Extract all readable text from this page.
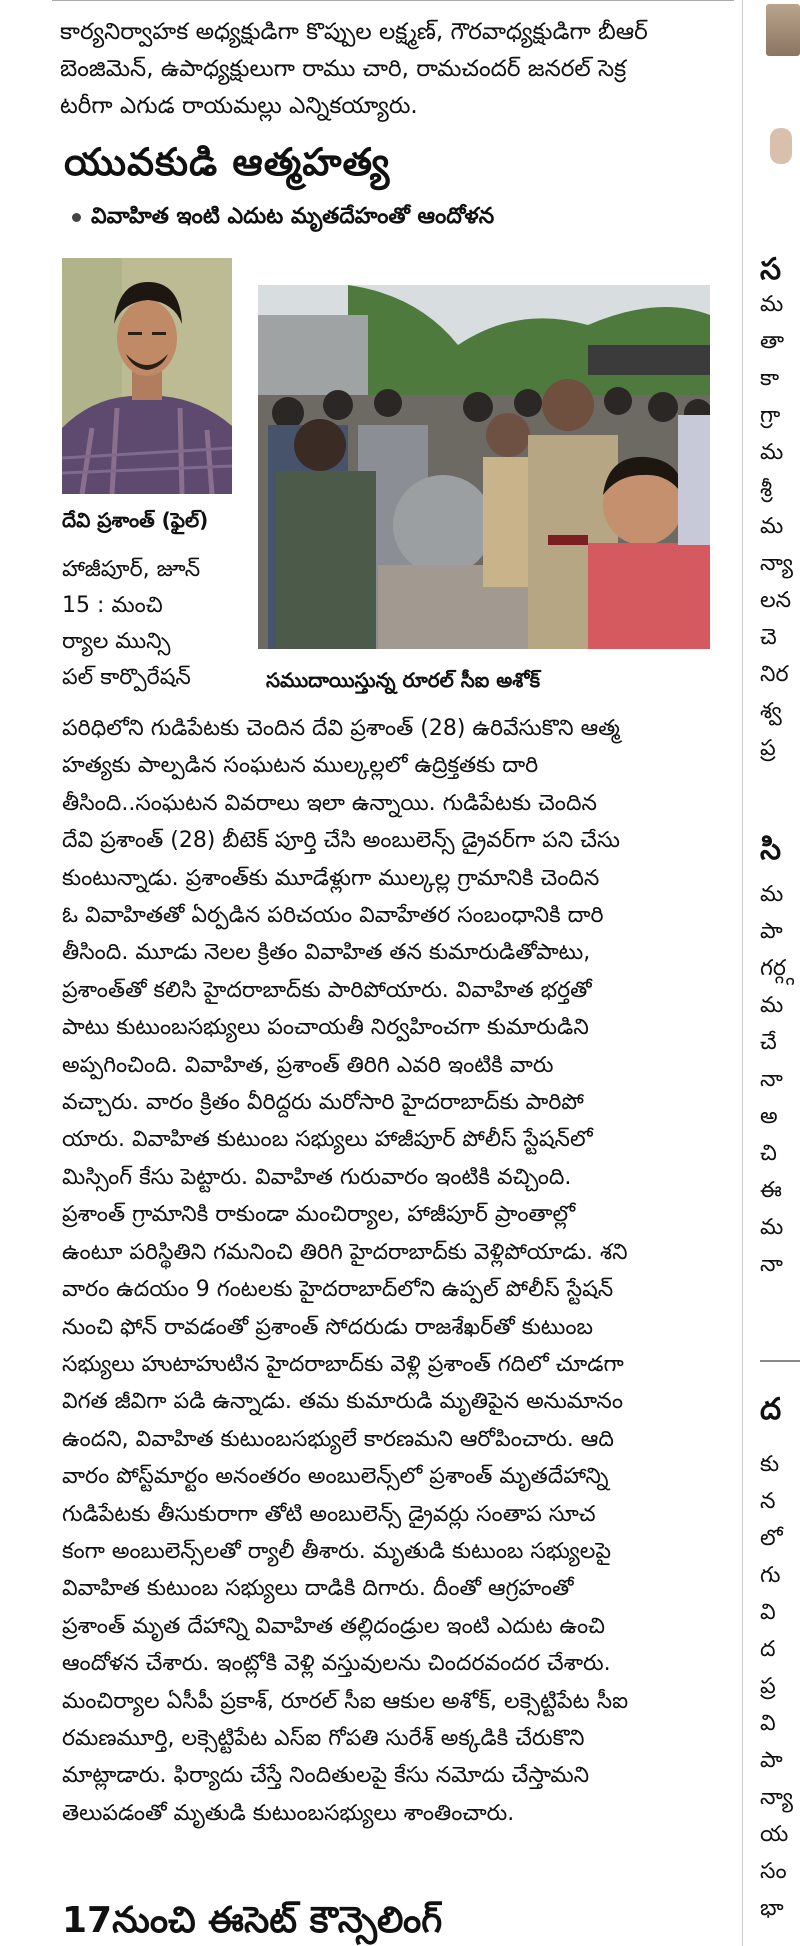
కార్యనిర్వాహక అధ్యక్షుడిగా కొప్పుల లక్ష్మణ్, గౌరవాధ్యక్షుడిగా బీఆర్
బెంజిమెన్, ఉపాధ్యక్షులుగా రాము చారి, రామచందర్ జనరల్ సెక్ర
టరీగా ఎగుడ రాయమల్లు ఎన్నికయ్యారు.
యువకుడి ఆత్మహత్య
వివాహిత ఇంటి ఎదుట మృతదేహంతో ఆందోళన
దేవి ప్రశాంత్ (ఫైల్)
సముదాయిస్తున్న రూరల్ సీఐ అశోక్
హాజీపూర్, జూన్
15 : మంచి
ర్యాల మున్సి
పల్ కార్పొరేషన్
పరిధిలోని గుడిపేటకు చెందిన దేవి ప్రశాంత్ (28) ఉరివేసుకొని ఆత్మ
హత్యకు పాల్పడిన సంఘటన ముల్కల్లలో ఉద్రిక్తతకు దారి
తీసింది..సంఘటన వివరాలు ఇలా ఉన్నాయి. గుడిపేటకు చెందిన
దేవి ప్రశాంత్ (28) బీటెక్ పూర్తి చేసి అంబులెన్స్ డ్రైవర్‌గా పని చేసు
కుంటున్నాడు. ప్రశాంత్‌కు మూడేళ్లుగా ముల్కల్ల గ్రామానికి చెందిన
ఓ వివాహితతో ఏర్పడిన పరిచయం వివాహేతర సంబంధానికి దారి
తీసింది. మూడు నెలల క్రితం వివాహిత తన కుమారుడితోపాటు,
ప్రశాంత్‌తో కలిసి హైదరాబాద్‌కు పారిపోయారు. వివాహిత భర్తతో
పాటు కుటుంబసభ్యులు పంచాయతీ నిర్వహించగా కుమారుడిని
అప్పగించింది. వివాహిత, ప్రశాంత్ తిరిగి ఎవరి ఇంటికి వారు
వచ్చారు. వారం క్రితం వీరిద్దరు మరోసారి హైదరాబాద్‌కు పారిపో
యారు. వివాహిత కుటుంబ సభ్యులు హాజీపూర్ పోలీస్ స్టేషన్‌లో
మిస్సింగ్ కేసు పెట్టారు. వివాహిత గురువారం ఇంటికి వచ్చింది.
ప్రశాంత్ గ్రామానికి రాకుండా మంచిర్యాల, హాజీపూర్ ప్రాంతాల్లో
ఉంటూ పరిస్థితిని గమనించి తిరిగి హైదరాబాద్‌కు వెళ్లిపోయాడు. శని
వారం ఉదయం 9 గంటలకు హైదరాబాద్‌లోని ఉప్పల్ పోలీస్ స్టేషన్
నుంచి ఫోన్ రావడంతో ప్రశాంత్ సోదరుడు రాజశేఖర్‌తో కుటుంబ
సభ్యులు హుటాహుటిన హైదరాబాద్‌కు వెళ్లి ప్రశాంత్ గదిలో చూడగా
విగత జీవిగా పడి ఉన్నాడు. తమ కుమారుడి మృతిపైన అనుమానం
ఉందని, వివాహిత కుటుంబసభ్యులే కారణమని ఆరోపించారు. ఆది
వారం పోస్ట్‌మార్టం అనంతరం అంబులెన్స్‌లో ప్రశాంత్ మృతదేహాన్ని
గుడిపేటకు తీసుకురాగా తోటి అంబులెన్స్ డ్రైవర్లు సంతాప సూచ
కంగా అంబులెన్స్‌లతో ర్యాలీ తీశారు. మృతుడి కుటుంబ సభ్యులపై
వివాహిత కుటుంబ సభ్యులు దాడికి దిగారు. దీంతో ఆగ్రహంతో
ప్రశాంత్ మృత దేహాన్ని వివాహిత తల్లిదండ్రుల ఇంటి ఎదుట ఉంచి
ఆందోళన చేశారు. ఇంట్లోకి వెళ్లి వస్తువులను చిందరవందర చేశారు.
మంచిర్యాల ఏసీపీ ప్రకాశ్, రూరల్ సీఐ ఆకుల అశోక్, లక్సెట్టిపేట సీఐ
రమణమూర్తి, లక్సెట్టిపేట ఎస్ఐ గోపతి సురేశ్ అక్కడికి చేరుకొని
మాట్లాడారు. ఫిర్యాదు చేస్తే నిందితులపై కేసు నమోదు చేస్తామని
తెలుపడంతో మృతుడి కుటుంబసభ్యులు శాంతించారు.
17నుంచి ఈసెట్ కౌన్సెలింగ్
స
సి
ద
మ
తా
కా
గ్రా
మ
శ్రీ
మ
న్యా
లన
చె
నిర
శ్వ
ప్ర
మ
పా
గర్గ్గ
మ
చే
నా
అ
చి
ఈ
మ
నా
కు
న
లో
గు
వి
ద
ప్ర
వి
పా
న్యా
య
సం
భా
